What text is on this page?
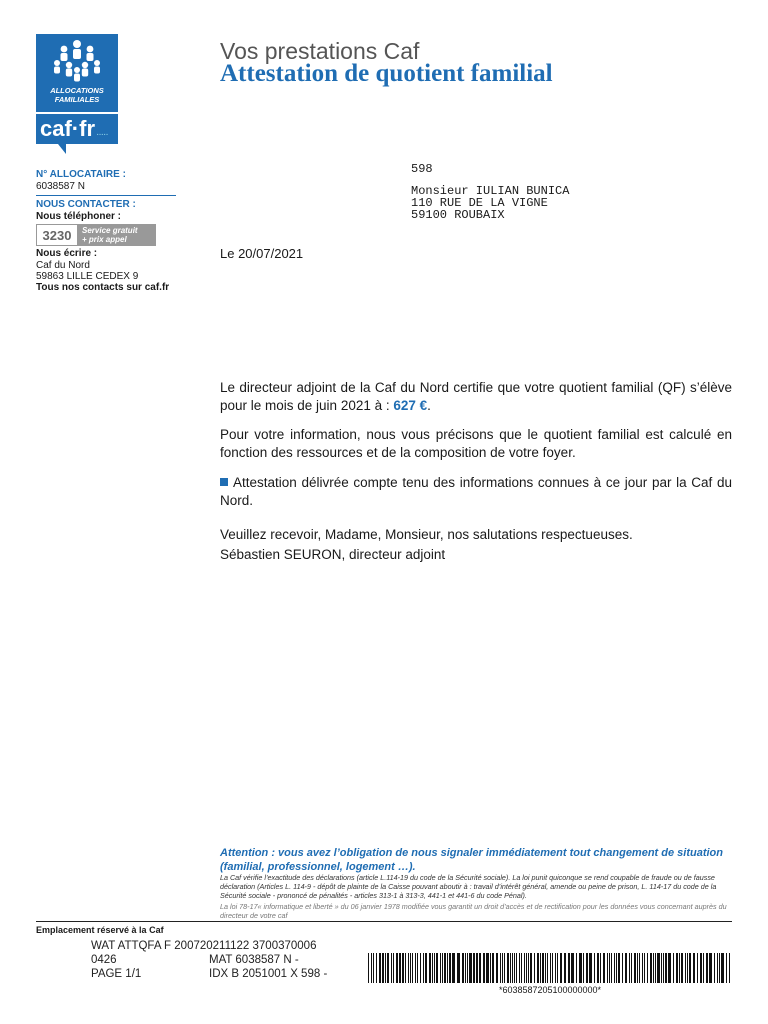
ALLOCATIONS
FAMILIALES
caf·fr ·····
Vos prestations Caf
Attestation de quotient familial
N° ALLOCATAIRE :
6038587 N
NOUS CONTACTER :
Nous téléphoner :
3230	Service gratuit
+ prix appel
Nous écrire :
Caf du Nord
59863 LILLE CEDEX 9
Tous nos contacts sur caf.fr
598
Monsieur IULIAN BUNICA
110 RUE DE LA VIGNE
59100 ROUBAIX
Le 20/07/2021
Le directeur adjoint de la Caf du Nord certifie que votre quotient familial (QF) s’élève pour le mois de juin 2021 à : 627 €.
Pour votre information, nous vous précisons que le quotient familial est calculé en fonction des ressources et de la composition de votre foyer.
Attestation délivrée compte tenu des informations connues à ce jour par la Caf du Nord.
Veuillez recevoir, Madame, Monsieur, nos salutations respectueuses.
Sébastien SEURON, directeur adjoint
Attention : vous avez l’obligation de nous signaler immédiatement tout changement de situation (familial, professionnel, logement …).
La Caf vérifie l’exactitude des déclarations (article L.114-19 du code de la Sécurité sociale). La loi punit quiconque se rend coupable de fraude ou de fausse déclaration (Articles L. 114-9 - dépôt de plainte de la Caisse pouvant aboutir à : travail d’intérêt général, amende ou peine de prison, L. 114-17 du code de la Sécurité sociale - prononcé de pénalités - articles 313-1 à 313-3, 441-1 et 441-6 du code Pénal).
La loi 78-17« informatique et liberté » du 06 janvier 1978 modifiée vous garantit un droit d’accès et de rectification pour les données vous concernant auprès du directeur de votre caf
Emplacement réservé à la Caf
WAT ATTQFA F 200720211122 3700370006
0426	MAT 6038587 N -
PAGE 1/1	IDX B 2051001 X 598 -
*6038587205100000000*
